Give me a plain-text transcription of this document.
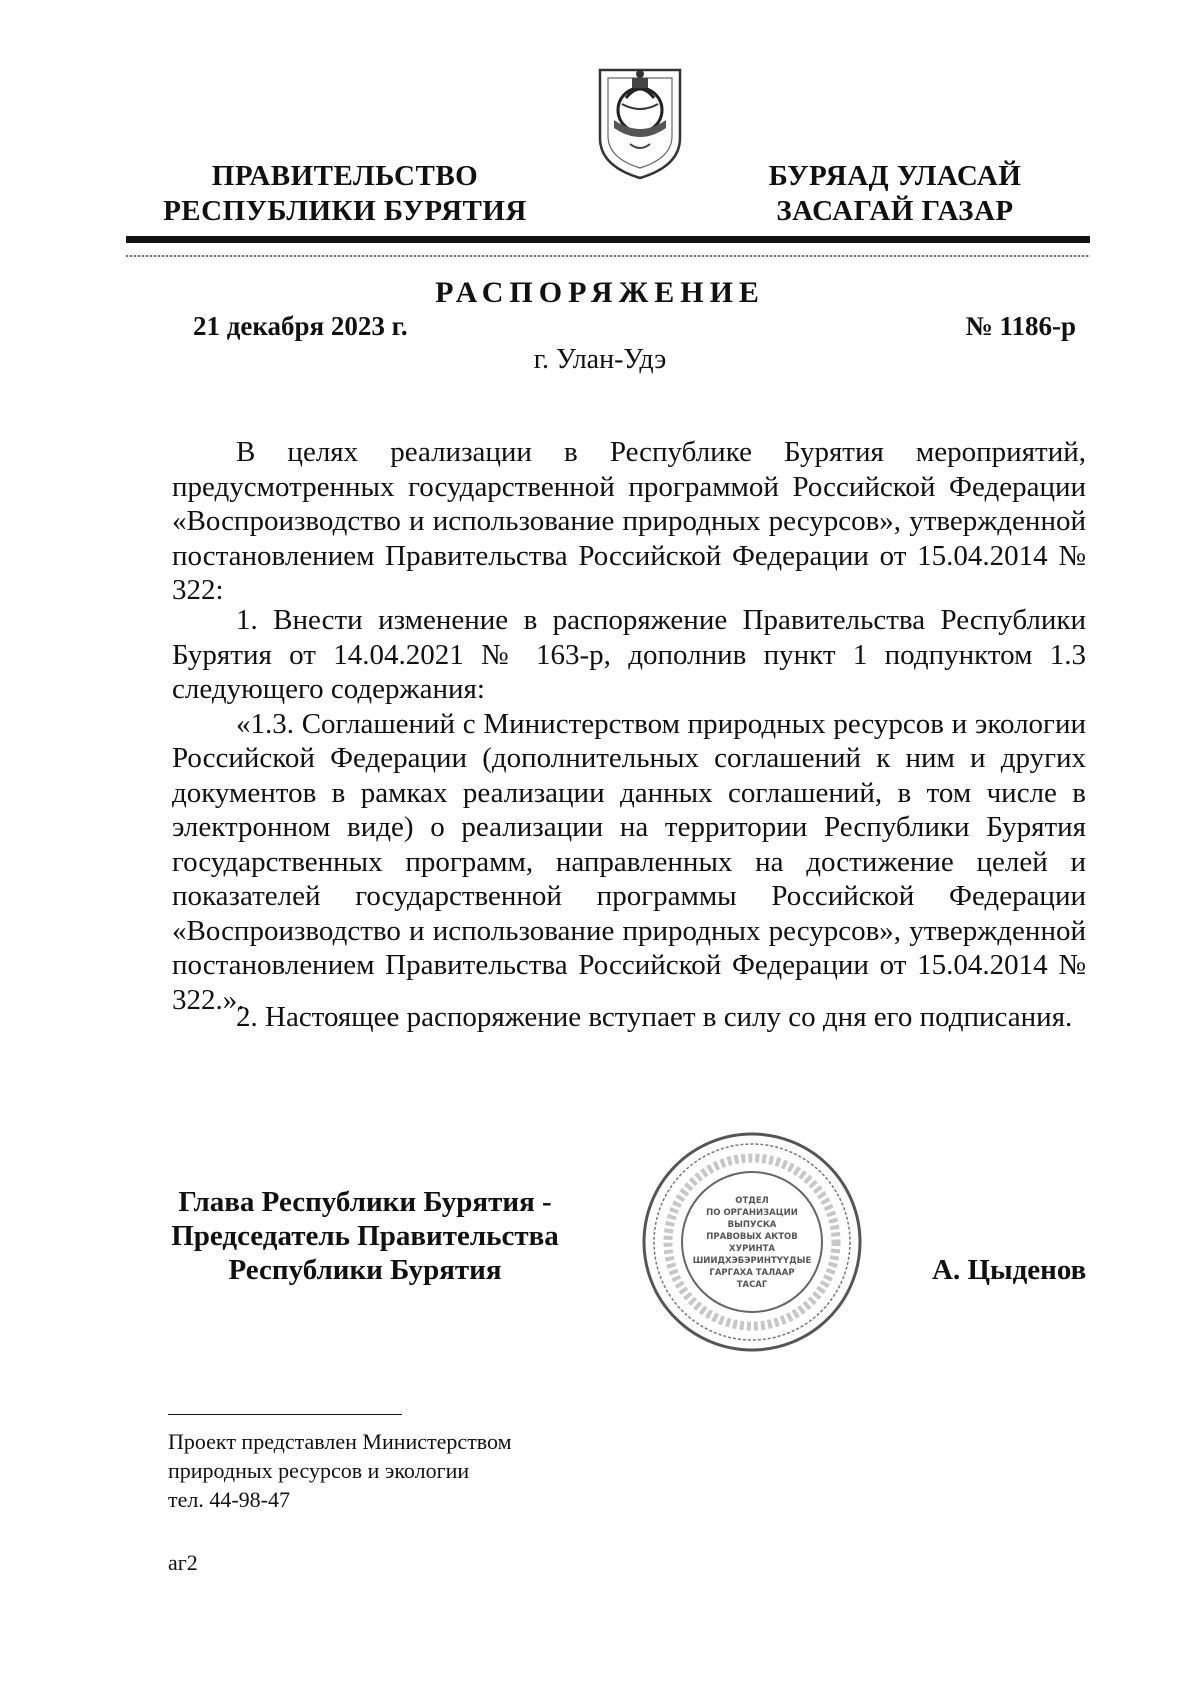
ПРАВИТЕЛЬСТВО
РЕСПУБЛИКИ БУРЯТИЯ
БУРЯАД УЛАСАЙ
ЗАСАГАЙ ГАЗАР
РАСПОРЯЖЕНИЕ
21 декабря 2023 г.	№ 1186-р
г. Улан-Удэ

В целях реализации в Республике Бурятия мероприятий, предусмотренных государственной программой Российской Федерации «Воспроизводство и использование природных ресурсов», утвержденной постановлением Правительства Российской Федерации от 15.04.2014 № 322:

1. Внести изменение в распоряжение Правительства Республики Бурятия от 14.04.2021 № 163-р, дополнив пункт 1 подпунктом 1.3 следующего содержания:

«1.3. Соглашений с Министерством природных ресурсов и экологии Российской Федерации (дополнительных соглашений к ним и других документов в рамках реализации данных соглашений, в том числе в электронном виде) о реализации на территории Республики Бурятия государственных программ, направленных на достижение целей и показателей государственной программы Российской Федерации «Воспроизводство и использование природных ресурсов», утвержденной постановлением Правительства Российской Федерации от 15.04.2014 № 322.».

2. Настоящее распоряжение вступает в силу со дня его подписания.

Глава Республики Бурятия -
Председатель Правительства
Республики Бурятия
ОТДЕЛ
ПО ОРГАНИЗАЦИИ
ВЫПУСКА
ПРАВОВЫХ АКТОВ
ХУРИНТА
ШИИДХЭБЭРИНТҮҮДЫЕ
ГАРГАХА ТАЛААР
ТАСАГ	А. Цыденов
Проект представлен Министерством
природных ресурсов и экологии
тел. 44-98-47
аг2
